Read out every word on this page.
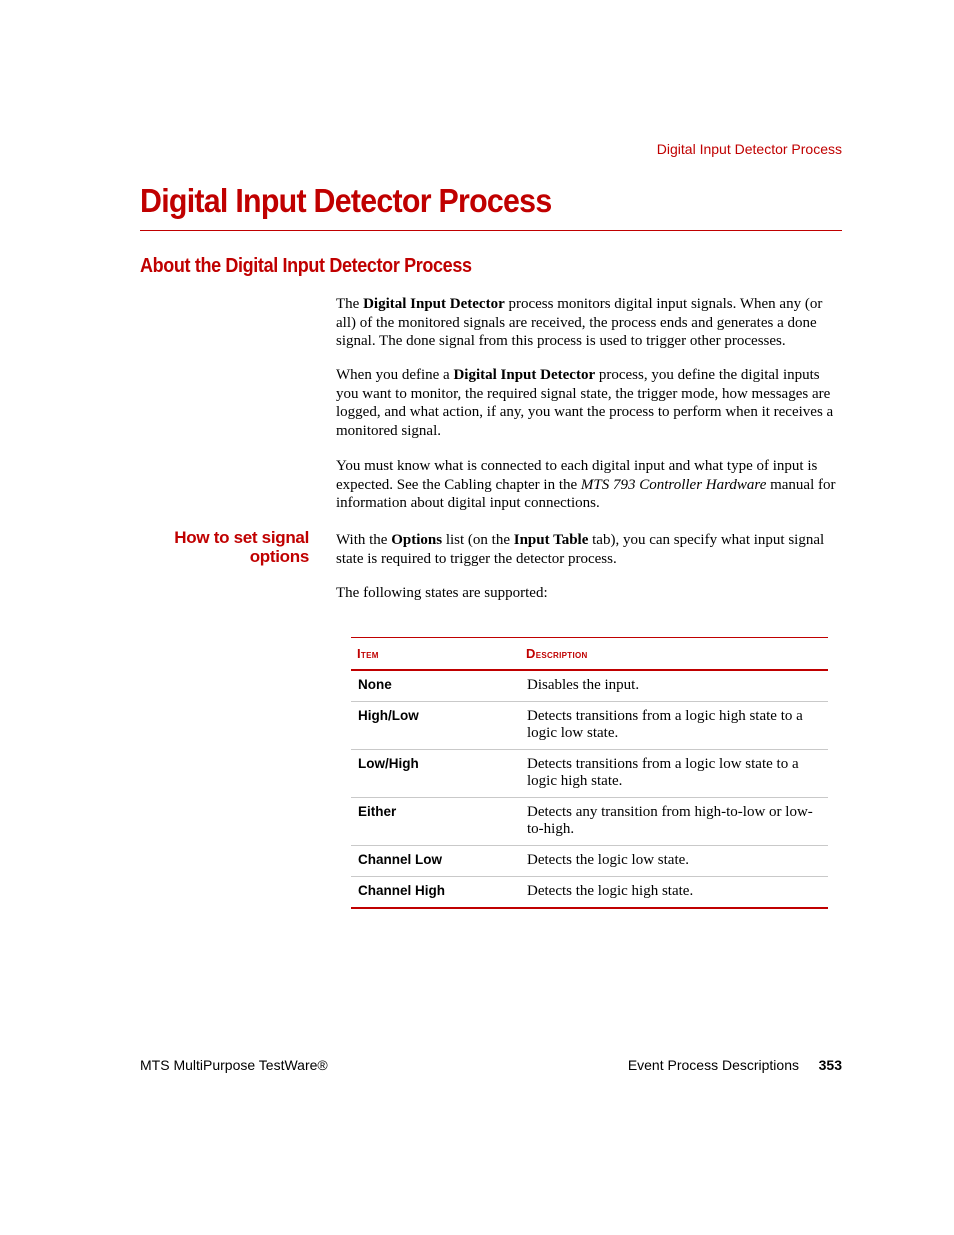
Digital Input Detector Process
Digital Input Detector Process
About the Digital Input Detector Process

The Digital Input Detector process monitors digital input signals. When any (or all) of the monitored signals are received, the process ends and generates a done signal. The done signal from this process is used to trigger other processes.

When you define a Digital Input Detector process, you define the digital inputs you want to monitor, the required signal state, the trigger mode, how messages are logged, and what action, if any, you want the process to perform when it receives a monitored signal.

You must know what is connected to each digital input and what type of input is expected. See the Cabling chapter in the MTS 793 Controller Hardware manual for information about digital input connections.

How to set signal
options

With the Options list (on the Input Table tab), you can specify what input signal state is required to trigger the detector process.

The following states are supported:

Item	Description
None	Disables the input.
High/Low	Detects transitions from a logic high state to a logic low state.
Low/High	Detects transitions from a logic low state to a logic high state.
Either	Detects any transition from high-to-low or low-to-high.
Channel Low	Detects the logic low state.
Channel High	Detects the logic high state.
MTS MultiPurpose TestWare®	Event Process Descriptions 353
